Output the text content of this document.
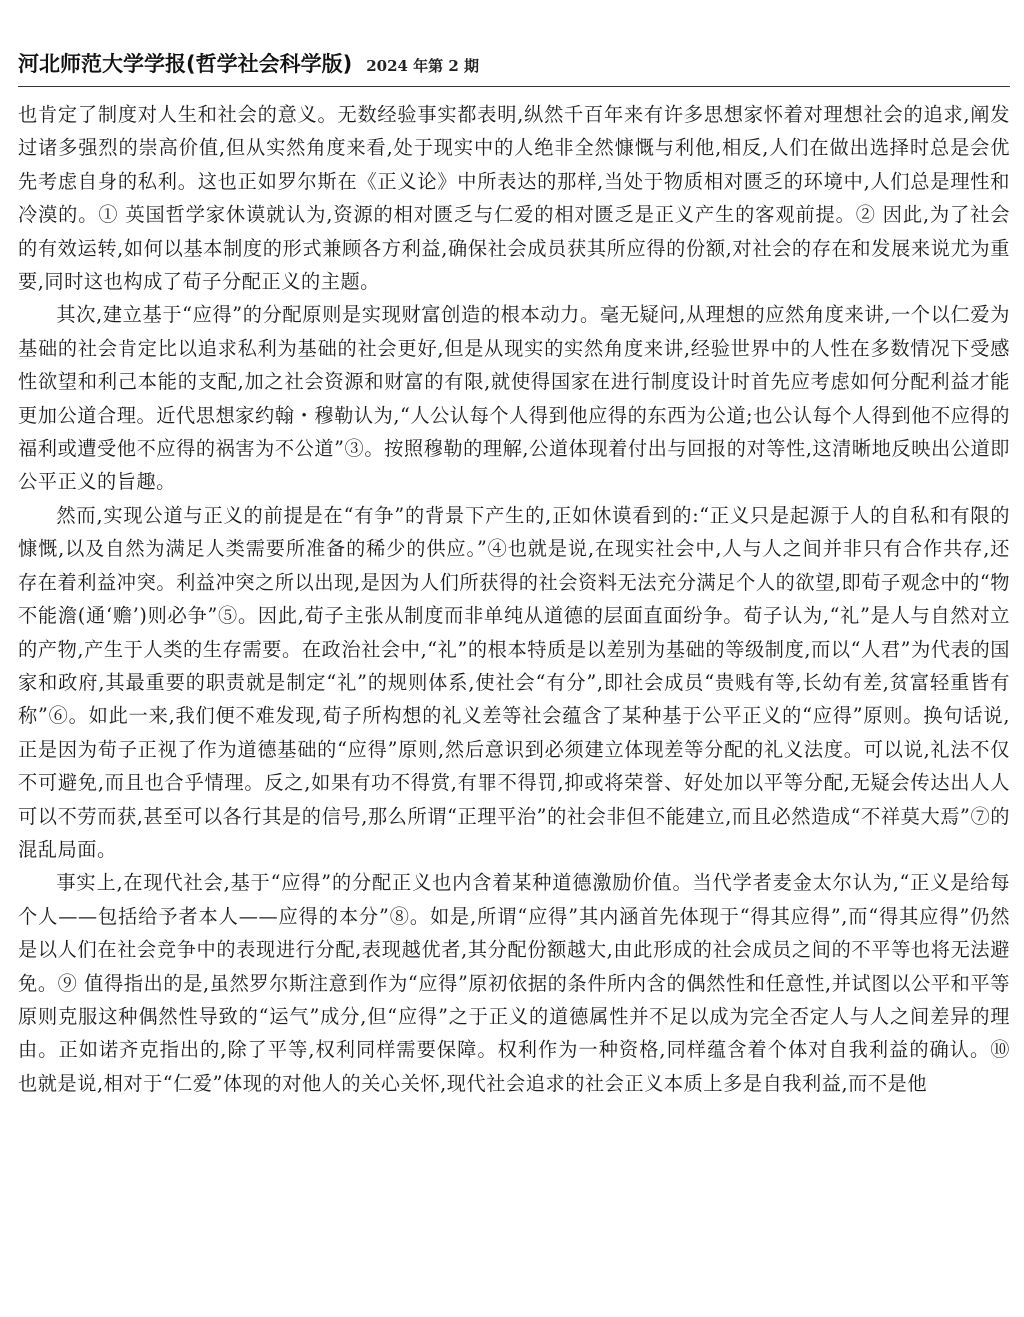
河北师范大学学报(哲学社会科学版) 2024 年第 2 期

也肯定了制度对人生和社会的意义。无数经验事实都表明,纵然千百年来有许多思想家怀着对理想社会的追求,阐发过诸多强烈的崇高价值,但从实然角度来看,处于现实中的人绝非全然慷慨与利他,相反,人们在做出选择时总是会优先考虑自身的私利。这也正如罗尔斯在《正义论》中所表达的那样,当处于物质相对匮乏的环境中,人们总是理性和冷漠的。① 英国哲学家休谟就认为,资源的相对匮乏与仁爱的相对匮乏是正义产生的客观前提。② 因此,为了社会的有效运转,如何以基本制度的形式兼顾各方利益,确保社会成员获其所应得的份额,对社会的存在和发展来说尤为重要,同时这也构成了荀子分配正义的主题。

其次,建立基于“应得”的分配原则是实现财富创造的根本动力。毫无疑问,从理想的应然角度来讲,一个以仁爱为基础的社会肯定比以追求私利为基础的社会更好,但是从现实的实然角度来讲,经验世界中的人性在多数情况下受感性欲望和利己本能的支配,加之社会资源和财富的有限,就使得国家在进行制度设计时首先应考虑如何分配利益才能更加公道合理。近代思想家约翰・穆勒认为,“人公认每个人得到他应得的东西为公道;也公认每个人得到他不应得的福利或遭受他不应得的祸害为不公道”③。按照穆勒的理解,公道体现着付出与回报的对等性,这清晰地反映出公道即公平正义的旨趣。

然而,实现公道与正义的前提是在“有争”的背景下产生的,正如休谟看到的:“正义只是起源于人的自私和有限的慷慨,以及自然为满足人类需要所准备的稀少的供应。”④也就是说,在现实社会中,人与人之间并非只有合作共存,还存在着利益冲突。利益冲突之所以出现,是因为人们所获得的社会资料无法充分满足个人的欲望,即荀子观念中的“物不能澹(通‘赡’)则必争”⑤。因此,荀子主张从制度而非单纯从道德的层面直面纷争。荀子认为,“礼”是人与自然对立的产物,产生于人类的生存需要。在政治社会中,“礼”的根本特质是以差别为基础的等级制度,而以“人君”为代表的国家和政府,其最重要的职责就是制定“礼”的规则体系,使社会“有分”,即社会成员“贵贱有等,长幼有差,贫富轻重皆有称”⑥。如此一来,我们便不难发现,荀子所构想的礼义差等社会蕴含了某种基于公平正义的“应得”原则。换句话说,正是因为荀子正视了作为道德基础的“应得”原则,然后意识到必须建立体现差等分配的礼义法度。可以说,礼法不仅不可避免,而且也合乎情理。反之,如果有功不得赏,有罪不得罚,抑或将荣誉、好处加以平等分配,无疑会传达出人人可以不劳而获,甚至可以各行其是的信号,那么所谓“正理平治”的社会非但不能建立,而且必然造成“不祥莫大焉”⑦的混乱局面。

事实上,在现代社会,基于“应得”的分配正义也内含着某种道德激励价值。当代学者麦金太尔认为,“正义是给每个人——包括给予者本人——应得的本分”⑧。如是,所谓“应得”其内涵首先体现于“得其应得”,而“得其应得”仍然是以人们在社会竞争中的表现进行分配,表现越优者,其分配份额越大,由此形成的社会成员之间的不平等也将无法避免。⑨ 值得指出的是,虽然罗尔斯注意到作为“应得”原初依据的条件所内含的偶然性和任意性,并试图以公平和平等原则克服这种偶然性导致的“运气”成分,但“应得”之于正义的道德属性并不足以成为完全否定人与人之间差异的理由。正如诺齐克指出的,除了平等,权利同样需要保障。权利作为一种资格,同样蕴含着个体对自我利益的确认。⑩ 也就是说,相对于“仁爱”体现的对他人的关心关怀,现代社会追求的社会正义本质上多是自我利益,而不是他
